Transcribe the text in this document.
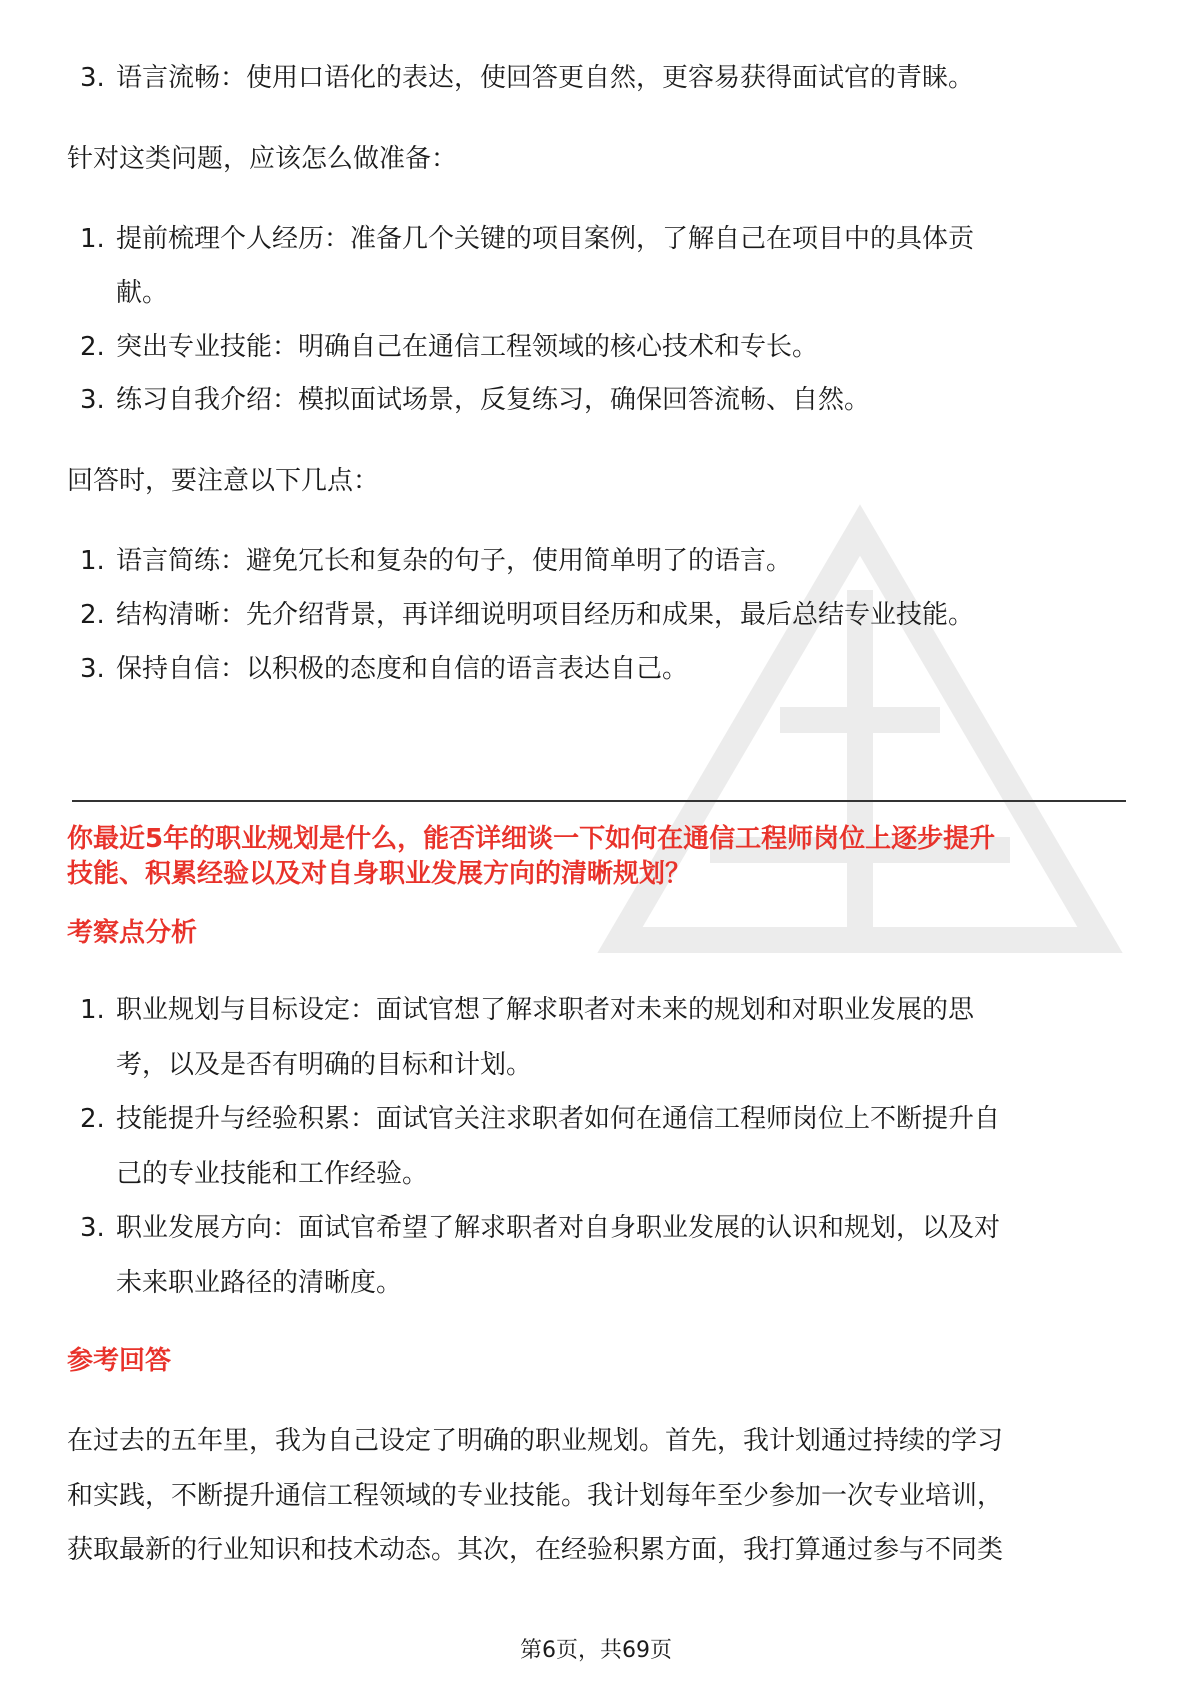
3. 语言流畅：使用口语化的表达，使回答更自然，更容易获得面试官的青睐。
针对这类问题，应该怎么做准备：
1. 提前梳理个人经历：准备几个关键的项目案例，了解自己在项目中的具体贡
献。
2. 突出专业技能：明确自己在通信工程领域的核心技术和专长。
3. 练习自我介绍：模拟面试场景，反复练习，确保回答流畅、自然。
回答时，要注意以下几点：
1. 语言简练：避免冗长和复杂的句子，使用简单明了的语言。
2. 结构清晰：先介绍背景，再详细说明项目经历和成果，最后总结专业技能。
3. 保持自信：以积极的态度和自信的语言表达自己。
你最近5年的职业规划是什么，能否详细谈一下如何在通信工程师岗位上逐步提升
技能、积累经验以及对自身职业发展方向的清晰规划？
考察点分析
1. 职业规划与目标设定：面试官想了解求职者对未来的规划和对职业发展的思
考，以及是否有明确的目标和计划。
2. 技能提升与经验积累：面试官关注求职者如何在通信工程师岗位上不断提升自
己的专业技能和工作经验。
3. 职业发展方向：面试官希望了解求职者对自身职业发展的认识和规划，以及对
未来职业路径的清晰度。
参考回答
在过去的五年里，我为自己设定了明确的职业规划。首先，我计划通过持续的学习
和实践，不断提升通信工程领域的专业技能。我计划每年至少参加一次专业培训，
获取最新的行业知识和技术动态。其次，在经验积累方面，我打算通过参与不同类
第6页，共69页
